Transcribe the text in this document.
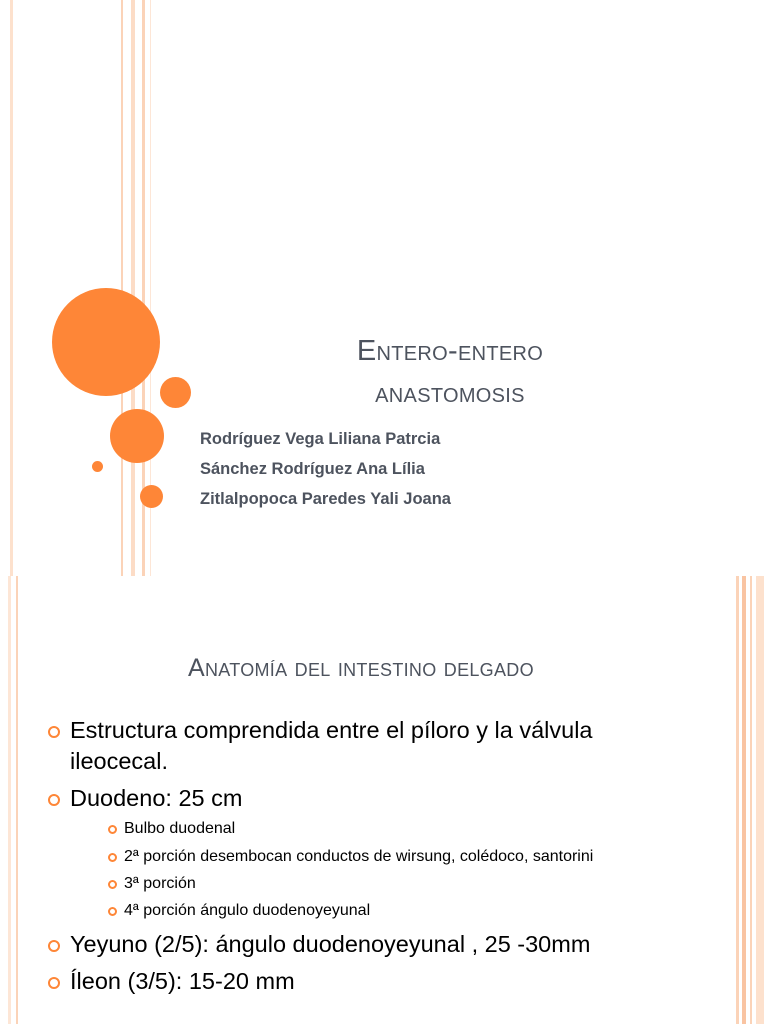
Entero-entero
anastomosis
Rodríguez Vega Liliana Patrcia
Sánchez Rodríguez Ana Lília
Zitlalpopoca Paredes Yali Joana
Anatomía del intestino delgado
Estructura comprendida entre el píloro y la válvula ileocecal.
Duodeno: 25 cm
Bulbo duodenal
2ª porción desembocan conductos de wirsung, colédoco, santorini
3ª porción
4ª porción ángulo duodenoyeyunal
Yeyuno (2/5): ángulo duodenoyeyunal , 25 -30mm
Íleon (3/5): 15-20 mm
